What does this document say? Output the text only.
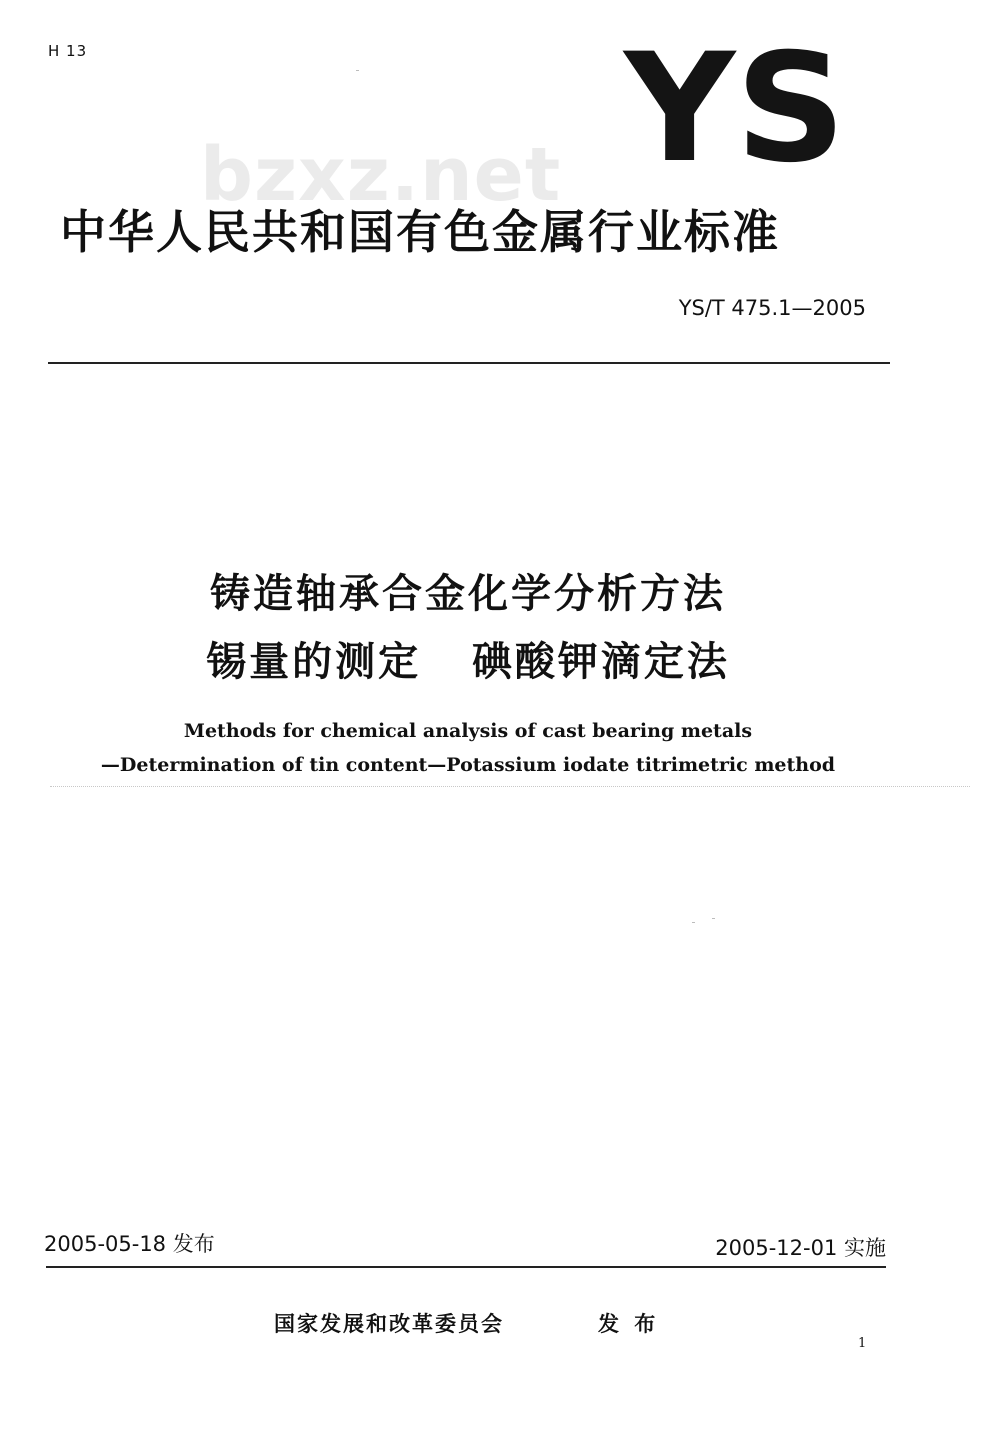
H 13	YS
bzxz.net
中华人民共和国有色金属行业标准
YS/T 475.1—2005
铸造轴承合金化学分析方法
锡量的测定   碘酸钾滴定法
Methods for chemical analysis of cast bearing metals
—Determination of tin content—Potassium iodate titrimetric method
2005-05-18 发布	2005-12-01 实施
国家发展和改革委员会	发 布
1
